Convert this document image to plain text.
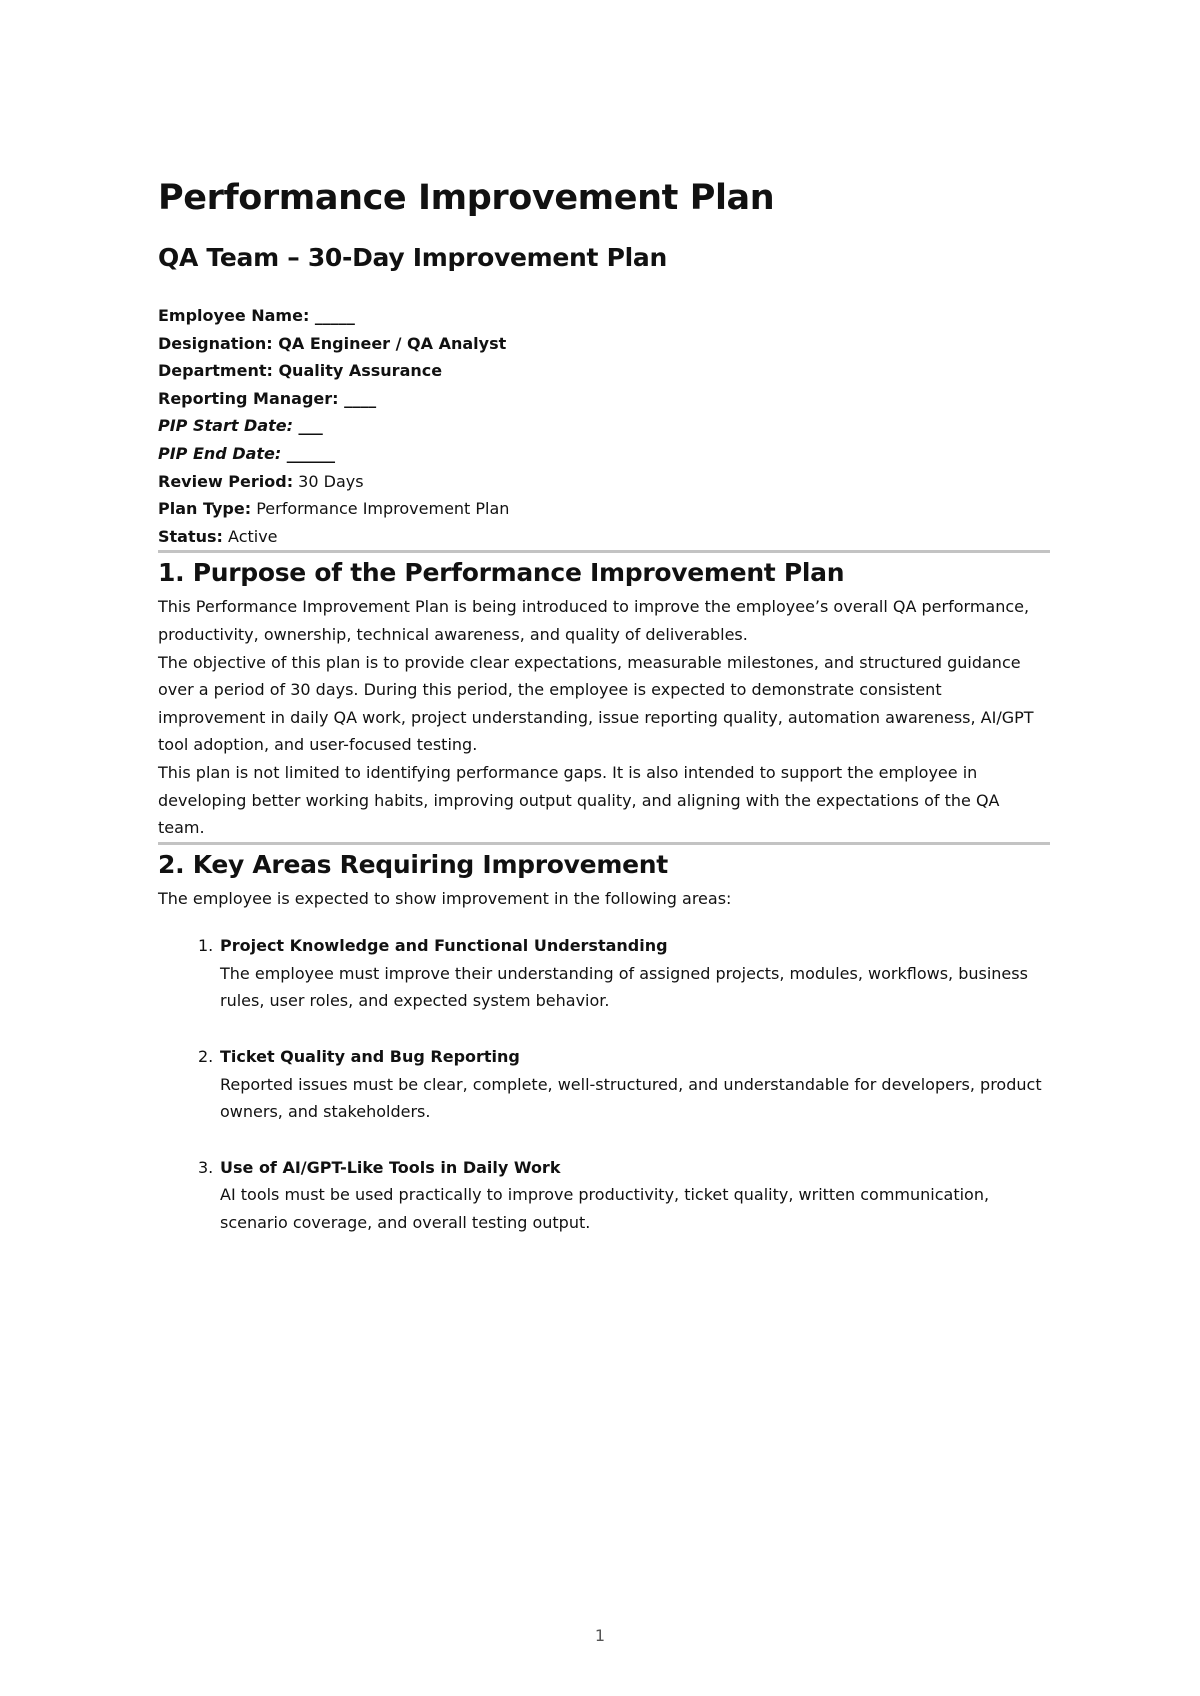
Performance Improvement Plan
QA Team – 30-Day Improvement Plan
Employee Name: _____
Designation: QA Engineer / QA Analyst
Department: Quality Assurance
Reporting Manager: ____
PIP Start Date: ___
PIP End Date: ______
Review Period: 30 Days
Plan Type: Performance Improvement Plan
Status: Active
1. Purpose of the Performance Improvement Plan

This Performance Improvement Plan is being introduced to improve the employee’s overall QA performance, productivity, ownership, technical awareness, and quality of deliverables.

The objective of this plan is to provide clear expectations, measurable milestones, and structured guidance over a period of 30 days. During this period, the employee is expected to demonstrate consistent improvement in daily QA work, project understanding, issue reporting quality, automation awareness, AI/GPT tool adoption, and user-focused testing.

This plan is not limited to identifying performance gaps. It is also intended to support the employee in developing better working habits, improving output quality, and aligning with the expectations of the QA team.

2. Key Areas Requiring Improvement

The employee is expected to show improvement in the following areas:

1. Project Knowledge and Functional Understanding
The employee must improve their understanding of assigned projects, modules, workflows, business rules, user roles, and expected system behavior.
2. Ticket Quality and Bug Reporting
Reported issues must be clear, complete, well-structured, and understandable for developers, product owners, and stakeholders.
3. Use of AI/GPT-Like Tools in Daily Work
AI tools must be used practically to improve productivity, ticket quality, written communication, scenario coverage, and overall testing output.
1
